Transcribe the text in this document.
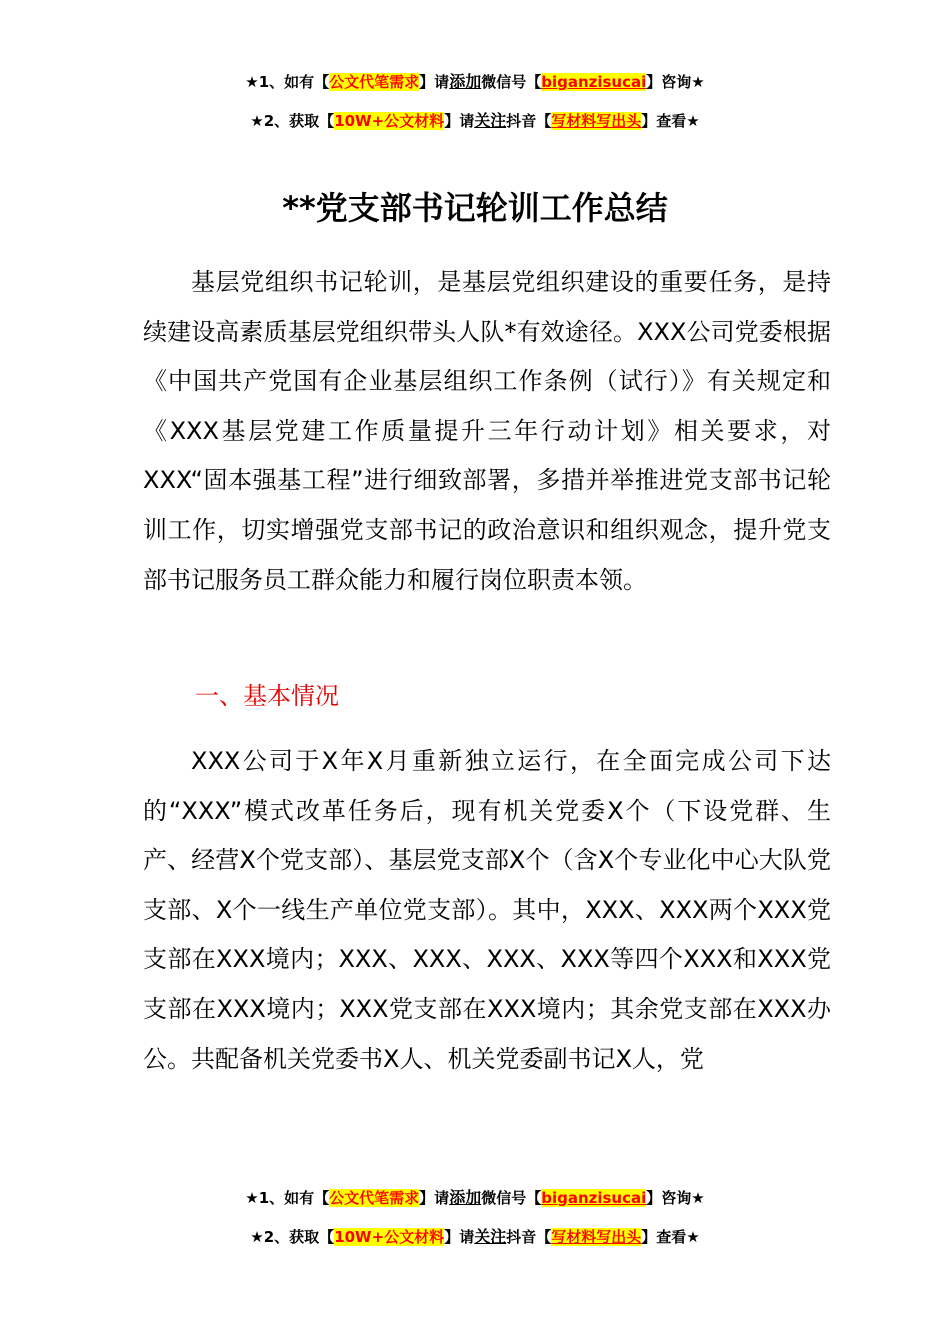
★1、如有【公文代笔需求】请添加微信号【biganzisucai】咨询★
★2、获取【10W+公文材料】请关注抖音【写材料写出头】查看★
**党支部书记轮训工作总结

基层党组织书记轮训，是基层党组织建设的重要任务，是持续建设高素质基层党组织带头人队*有效途径。XXX公司党委根据《中国共产党国有企业基层组织工作条例（试行）》有关规定和《XXX基层党建工作质量提升三年行动计划》相关要求，对XXX“固本强基工程”进行细致部署，多措并举推进党支部书记轮训工作，切实增强党支部书记的政治意识和组织观念，提升党支部书记服务员工群众能力和履行岗位职责本领。

一、基本情况

XXX公司于X年X月重新独立运行，在全面完成公司下达的“XXX”模式改革任务后，现有机关党委X个（下设党群、生产、经营X个党支部）、基层党支部X个（含X个专业化中心大队党支部、X个一线生产单位党支部）。其中，XXX、XXX两个XXX党支部在XXX境内；XXX、XXX、XXX、XXX等四个XXX和XXX党支部在XXX境内；XXX党支部在XXX境内；其余党支部在XXX办公。共配备机关党委书X人、机关党委副书记X人，党

★1、如有【公文代笔需求】请添加微信号【biganzisucai】咨询★
★2、获取【10W+公文材料】请关注抖音【写材料写出头】查看★
